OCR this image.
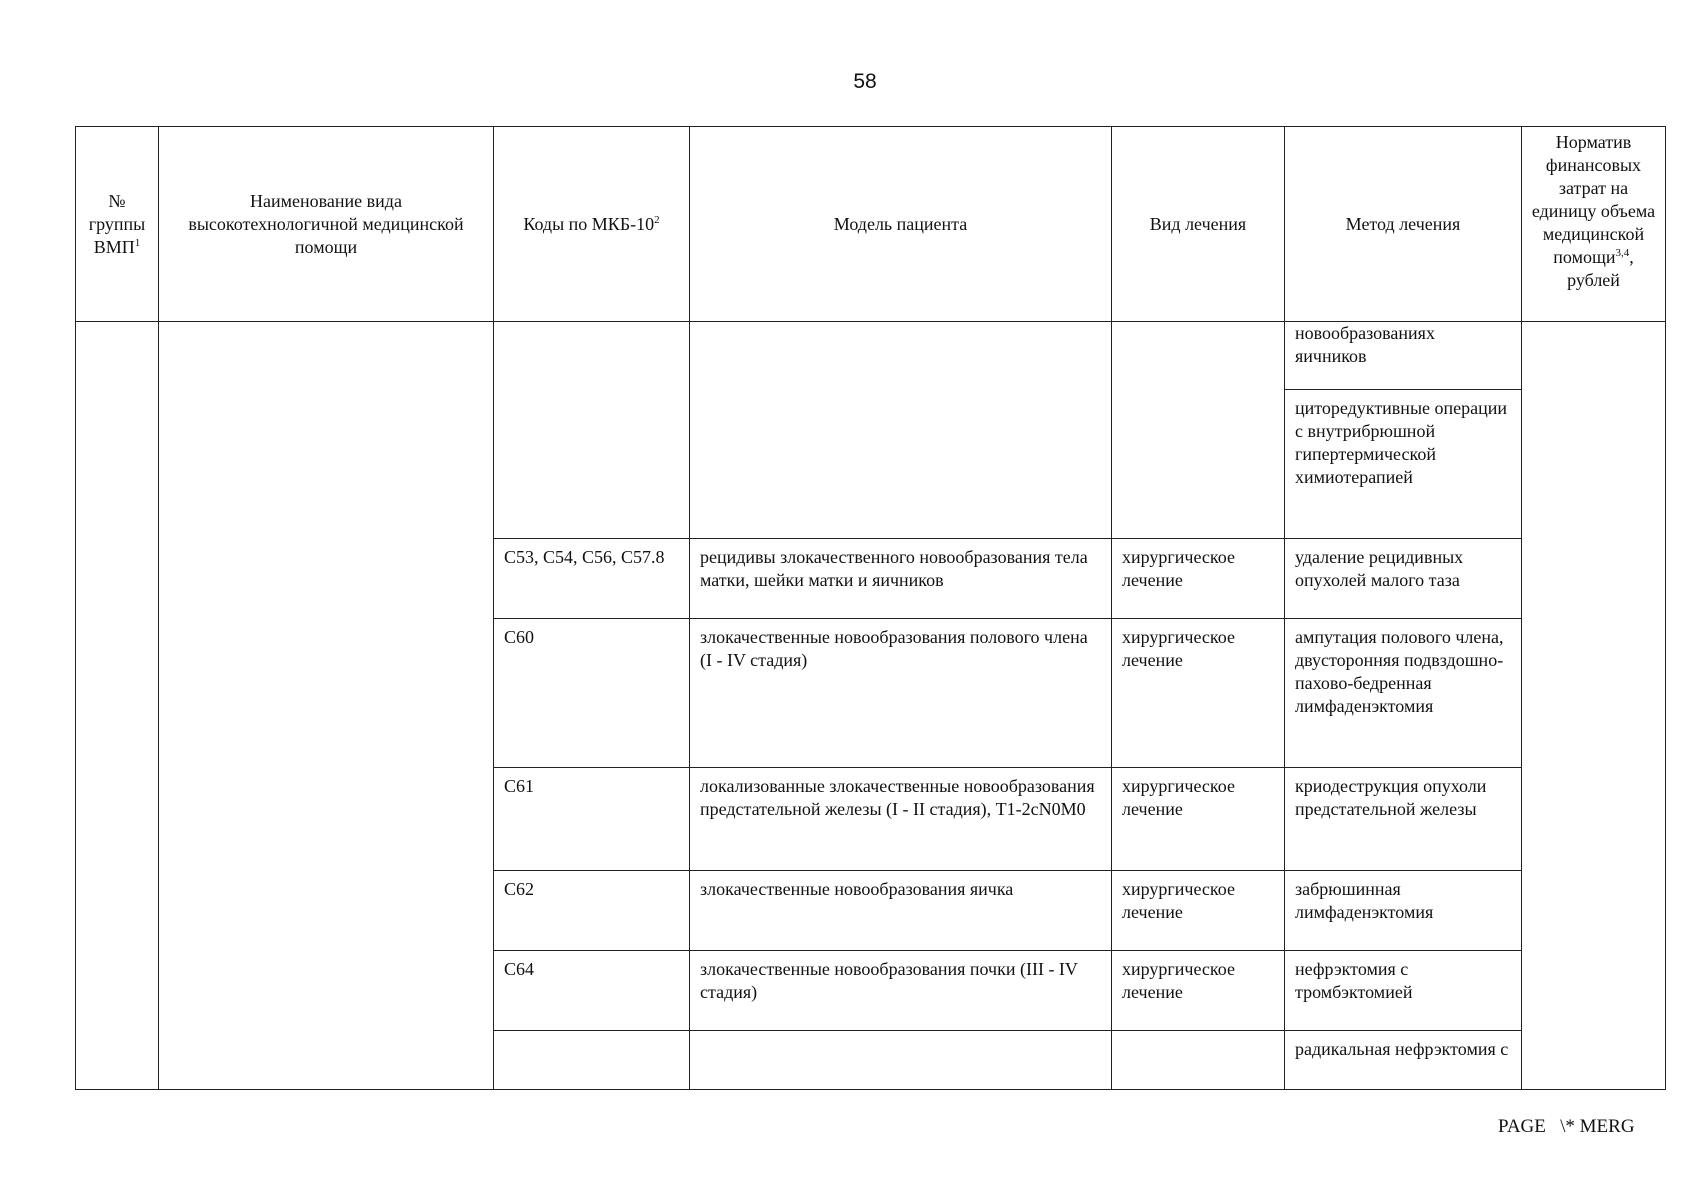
58
№ группы ВМП$^1$	Наименование вида высокотехнологичной медицинской помощи	Коды по МКБ-$10^2$	Модель пациента	Вид лечения	Метод лечения	Норматив финансовых затрат на единицу объема медицинской помощи$^{3,4}$, рублей
					новообразованиях яичников	
					циторедуктивные операции с внутрибрюшной гипертермической химиотерапией	
		C53, C54, C56, C57.8	рецидивы злокачественного новообразования тела матки, шейки матки и яичников	хирургическое лечение	удаление рецидивных опухолей малого таза	
		C60	злокачественные новообразования полового члена (I - IV стадия)	хирургическое лечение	ампутация полового члена, двусторонняя подвздошно-пахово-бедренная лимфаденэктомия	
		C61	локализованные злокачественные новообразования предстательной железы (I - II стадия), T1-2cN0M0	хирургическое лечение	криодеструкция опухоли предстательной железы	
		C62	злокачественные новообразования яичка	хирургическое лечение	забрюшинная лимфаденэктомия	
		C64	злокачественные новообразования почки (III - IV стадия)	хирургическое лечение	нефрэктомия с тромбэктомией	
					радикальная нефрэктомия с	
PAGE   \* MERG
